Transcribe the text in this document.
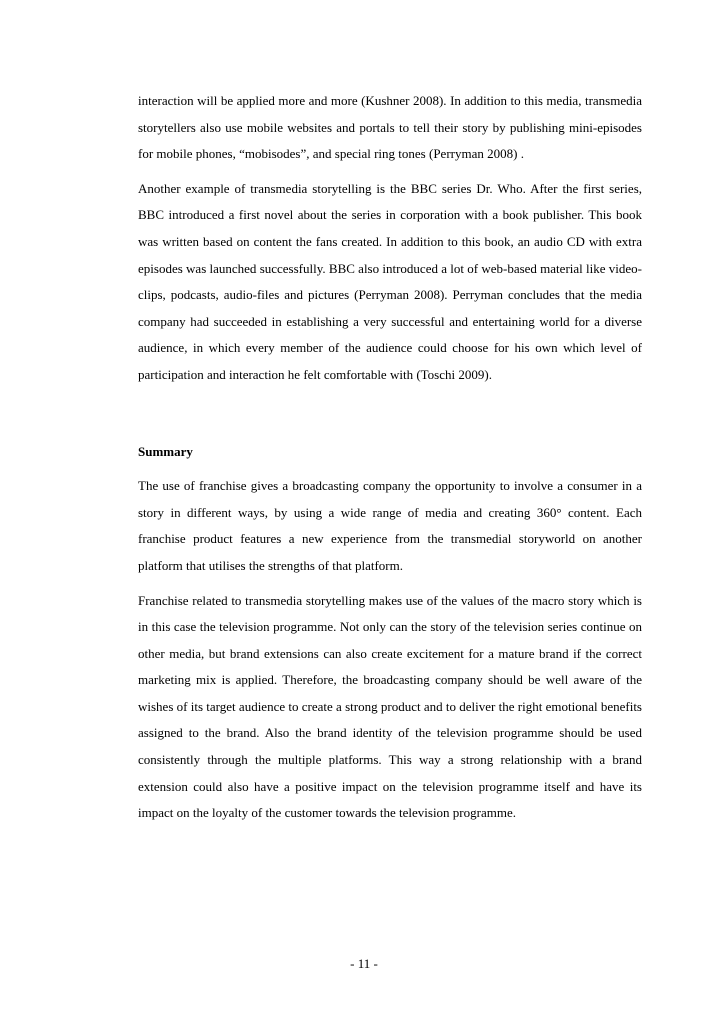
interaction will be applied more and more (Kushner 2008). In addition to this media, transmedia storytellers also use mobile websites and portals to tell their story by publishing mini-episodes for mobile phones, “mobisodes”, and special ring tones (Perryman 2008) .

Another example of transmedia storytelling is the BBC series Dr. Who. After the first series, BBC introduced a first novel about the series in corporation with a book publisher. This book was written based on content the fans created. In addition to this book, an audio CD with extra episodes was launched successfully. BBC also introduced a lot of web-based material like video-clips, podcasts, audio-files and pictures (Perryman 2008). Perryman concludes that the media company had succeeded in establishing a very successful and entertaining world for a diverse audience, in which every member of the audience could choose for his own which level of participation and interaction he felt comfortable with (Toschi 2009).

Summary

The use of franchise gives a broadcasting company the opportunity to involve a consumer in a story in different ways, by using a wide range of media and creating 360° content. Each franchise product features a new experience from the transmedial storyworld on another platform that utilises the strengths of that platform.

Franchise related to transmedia storytelling makes use of the values of the macro story which is in this case the television programme. Not only can the story of the television series continue on other media, but brand extensions can also create excitement for a mature brand if the correct marketing mix is applied. Therefore, the broadcasting company should be well aware of the wishes of its target audience to create a strong product and to deliver the right emotional benefits assigned to the brand. Also the brand identity of the television programme should be used consistently through the multiple platforms. This way a strong relationship with a brand extension could also have a positive impact on the television programme itself and have its impact on the loyalty of the customer towards the television programme.

- 11 -
